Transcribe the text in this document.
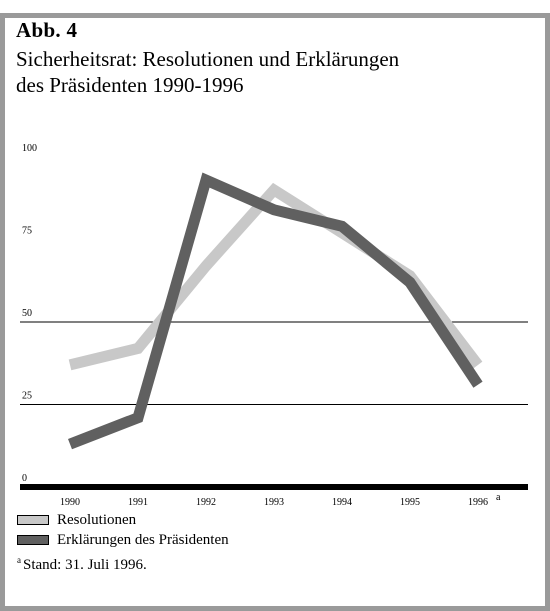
Abb. 4
Sicherheitsrat: Resolutionen und Erklärungen
des Präsidenten 1990-1996
0
25
50
75
100
1990	1991	1992	1993	1994	1995	1996 a
Resolutionen
Erklärungen des Präsidenten
$^a$ Stand: 31. Juli 1996.
